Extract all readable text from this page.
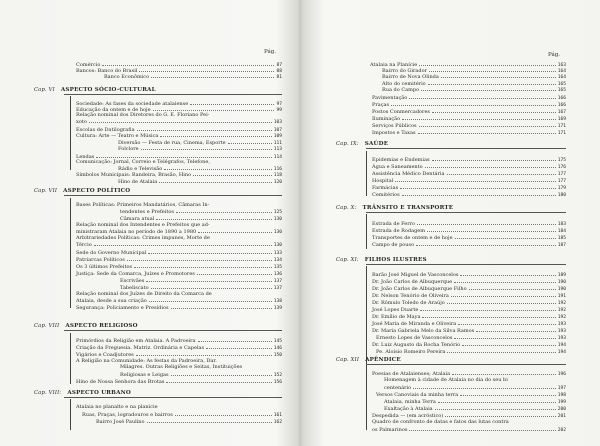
Pág.
Comércio	87
Bancos: Banco do Brasil	88
Banco Econômico	81
Cap. VI ASPECTO SÓCIO-CULTURAL
Sociedade: As fases da sociedade atalaiense	97
Educação da ontem e de hoje	99
Relação nominal dos Diretores do G. E. Floriano Pei-
xoto	103
Escolas de Datilografia	107
Cultura: Arte — Teatro e Música	109
Diversão — Festa de rua, Cinema, Esporte	111
Folclore	113
Lendas	114
Comunicação: Jornal, Correio e Telégrafos, Telefone,
Rádio e Televisão	116
Símbolos Municipais: Bandeira, Brasão, Hino	118
Hino de Atalaia	120
Cap. VII ASPECTO POLÍTICO
Bases Políticas: Primeiros Mandatários, Câmaras In-
tendentes e Prefeitos	125
Câmara atual	130
Relação nominal dos Intendentes e Prefeitos que ad-
ministraram Atalaia no período de 1890 a 1980	130
Arbitrariedades Políticas: Crimes impunes, Morte de
Tércio	130
Sede do Governo Municipal	133
Patriarcas Políticos	134
Os 3 últimos Prefeitos	135
Justiça: Sede da Comarca, Juízes e Promotores	136
Escrivães	137
Tabeliscato	137
Relação nominal dos Juízes de Direito da Comarca de
Atalaia, desde a sua criação	138
Segurança: Policiamento e Presídios	139
Cap. VIII ASPECTO RELIGIOSO
Primórdios da Religião em Atalaia. A Padroeira	145
Criação da Freguesia. Matriz. Ordinária e Capelas	146
Vigários e Coadjutores	150
A Religião na Comunidade: As festas da Padroeira, Dar.
Milagres. Outras Religiões e Seitas, Instituições
Religiosas e Leigas	152
Hino de Nossa Senhora das Brotas	156
Cap. VIII: ASPECTO URBANO
Atalaia no planalto e na planície
Ruas, Praças, logradouros e bairros	161
Bairro José Paulino	162
Pág.
Atalaia na Planície	163
Bairro do Girador	164
Bairro de Nova Olinda	164
Alto do cemitério	165
Rua do Campo	165
Pavimentação	166
Praças	166
Postos Conmercadores	167
Iluminação	169
Serviços Públicos	171
Impostos e Taxas	171
Cap. IX: SAÚDE
Epidemias e Endemias	175
Água e Saneamento	176
Assistência Médico Dentária	177
Hospital	177
Farmácias	179
Cemitérios	180
Cap. X: TRÂNSITO E TRANSPORTE
Estrada de Ferro	183
Estrada de Rodagem	184
Transportes de ontem e de hoje	185
Campo de pouso	187
Cap. XI: FILHOS ILUSTRES
Barão José Miguel de Vasconcelos	189
Dr. João Carlos de Albuquerque	190
Dr. João Carlos de Albuquerque Filho	190
Dr. Nelson Tenório de Oliveira	191
Dr. Rômulo Toledo de Araújo	192
José Lopes Duarte	192
Dr. Emílio de Maya	192
José Maria de Miranda e Oliveira	193
Dr. Maria Gabriela Melo da Silva Ramos	193
Ernesto Lopes de Vasconcelos	193
Dr. Luiz Augusto da Rocha Tenório	194
Pe. Aloísio Romeiro Pereira	194
Cap. XII APÊNDICE
Poesias de Atalaienses; Atalaia	196
Homenagem à cidade de Atalaia no dia do seu bi
centenário	197
Versos Canoviais da minha terra	198
Atalaia, minha Terra	199
Exaltação à Atalaia	200
Despedida — (em acróstico)	201
Quadro de confronto de datas e fatos das lutas contra
os Palmarinos	202
